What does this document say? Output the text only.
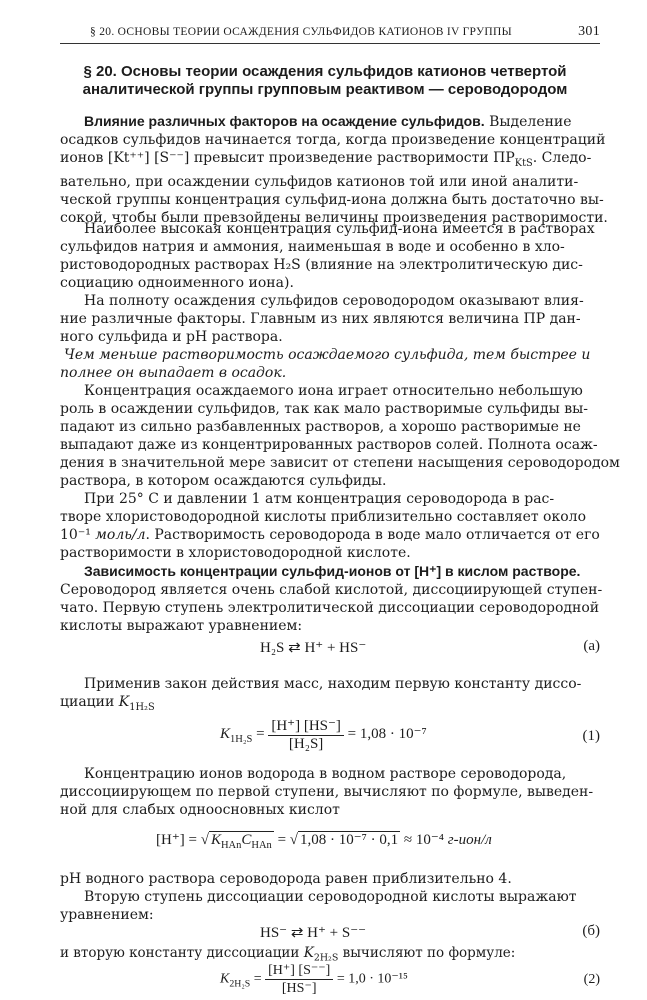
§ 20. ОСНОВЫ ТЕОРИИ ОСАЖДЕНИЯ СУЛЬФИДОВ КАТИОНОВ IV ГРУППЫ	301
§ 20. Основы теории осаждения сульфидов катионов четвертой
аналитической группы групповым реактивом — сероводородом
Влияние различных факторов на осаждение сульфидов. Выделение
осадков сульфидов начинается тогда, когда произведение концентраций
ионов [Kt⁺⁺] [S⁻⁻] превысит произведение растворимости $ПР_{KtS}$. Следо-
вательно, при осаждении сульфидов катионов той или иной аналити-
ческой группы концентрация сульфид-иона должна быть достаточно вы-
сокой, чтобы были превзойдены величины произведения растворимости.
Наиболее высокая концентрация сульфид-иона имеется в растворах
сульфидов натрия и аммония, наименьшая в воде и особенно в хло-
ристоводородных растворах H₂S (влияние на электролитическую дис-
социацию одноименного иона).
На полноту осаждения сульфидов сероводородом оказывают влия-
ние различные факторы. Главным из них являются величина ПР дан-
ного сульфида и pH раствора.
Чем меньше растворимость осаждаемого сульфида, тем быстрее и
полнее он выпадает в осадок.
Концентрация осаждаемого иона играет относительно небольшую
роль в осаждении сульфидов, так как мало растворимые сульфиды вы-
падают из сильно разбавленных растворов, а хорошо растворимые не
выпадают даже из концентрированных растворов солей. Полнота осаж-
дения в значительной мере зависит от степени насыщения сероводородом
раствора, в котором осаждаются сульфиды.
При 25° С и давлении 1 атм концентрация сероводорода в рас-
творе хлористоводородной кислоты приблизительно составляет около
10⁻¹ моль/л. Растворимость сероводорода в воде мало отличается от его
растворимости в хлористоводородной кислоте.
Зависимость концентрации сульфид-ионов от [H⁺] в кислом растворе.
Сероводород является очень слабой кислотой, диссоциирующей ступен-
чато. Первую ступень электролитической диссоциации сероводородной
кислоты выражают уравнением:
H₂S ⇄ H⁺ + HS⁻	(а)
Применив закон действия масс, находим первую константу диссо-
циации $K_{1H_2S}$
$K_{1H_2S} = \frac{[H^+] [HS^-]}{\text{[H₂S]}} = 1,08 \cdot 10^{-7}$	(1)
Концентрацию ионов водорода в водном растворе сероводорода,
диссоциирующем по первой ступени, вычисляют по формуле, выведен-
ной для слабых одноосновных кислот
[H⁺] = √ $K_{HAn}C_{HAn}$ = √ 1,08 · 10⁻⁷ · 0,1 ≈ 10⁻⁴ г-ион/л
pH водного раствора сероводорода равен приблизительно 4.
Вторую ступень диссоциации сероводородной кислоты выражают
уравнением:
HS⁻ ⇄ H⁺ + S⁻⁻	(б)
и вторую константу диссоциации $K_{2H_2S}$ вычисляют по формуле:
$K_{2H_2S} = \frac{[H^+] [S^{--}]}{[HS^-]} = 1,0 \cdot 10^{-15}$	(2)
